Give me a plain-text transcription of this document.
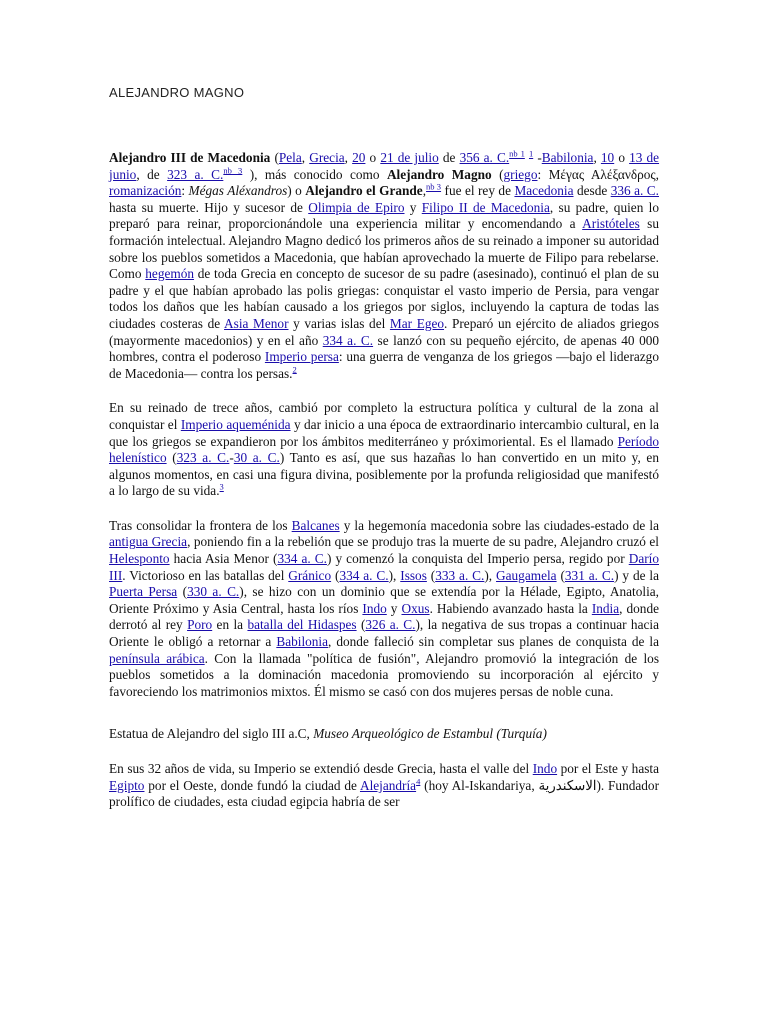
ALEJANDRO MAGNO

Alejandro III de Macedonia (Pela, Grecia, 20 o 21 de julio de 356 a. C.$^{nb 1}$ $^1$ -Babilonia, 10 o 13 de junio, de 323 a. C.$^{nb 3}$ ), más conocido como Alejandro Magno (griego: Μέγας Αλέξανδρος, romanización: Mégas Aléxandros) o Alejandro el Grande,$^{nb 3}$ fue el rey de Macedonia desde 336 a. C. hasta su muerte. Hijo y sucesor de Olimpia de Epiro y Filipo II de Macedonia, su padre, quien lo preparó para reinar, proporcionándole una experiencia militar y encomendando a Aristóteles su formación intelectual. Alejandro Magno dedicó los primeros años de su reinado a imponer su autoridad sobre los pueblos sometidos a Macedonia, que habían aprovechado la muerte de Filipo para rebelarse. Como hegemón de toda Grecia en concepto de sucesor de su padre (asesinado), continuó el plan de su padre y el que habían aprobado las polis griegas: conquistar el vasto imperio de Persia, para vengar todos los daños que les habían causado a los griegos por siglos, incluyendo la captura de todas las ciudades costeras de Asia Menor y varias islas del Mar Egeo. Preparó un ejército de aliados griegos (mayormente macedonios) y en el año 334 a. C. se lanzó con su pequeño ejército, de apenas 40 000 hombres, contra el poderoso Imperio persa: una guerra de venganza de los griegos —bajo el liderazgo de Macedonia— contra los persas.$^2$

En su reinado de trece años, cambió por completo la estructura política y cultural de la zona al conquistar el Imperio aqueménida y dar inicio a una época de extraordinario intercambio cultural, en la que los griegos se expandieron por los ámbitos mediterráneo y próximoriental. Es el llamado Período helenístico (323 a. C.-30 a. C.) Tanto es así, que sus hazañas lo han convertido en un mito y, en algunos momentos, en casi una figura divina, posiblemente por la profunda religiosidad que manifestó a lo largo de su vida.$^3$

Tras consolidar la frontera de los Balcanes y la hegemonía macedonia sobre las ciudades-estado de la antigua Grecia, poniendo fin a la rebelión que se produjo tras la muerte de su padre, Alejandro cruzó el Helesponto hacia Asia Menor (334 a. C.) y comenzó la conquista del Imperio persa, regido por Darío III. Victorioso en las batallas del Gránico (334 a. C.), Issos (333 a. C.), Gaugamela (331 a. C.) y de la Puerta Persa (330 a. C.), se hizo con un dominio que se extendía por la Hélade, Egipto, Anatolia, Oriente Próximo y Asia Central, hasta los ríos Indo y Oxus. Habiendo avanzado hasta la India, donde derrotó al rey Poro en la batalla del Hidaspes (326 a. C.), la negativa de sus tropas a continuar hacia Oriente le obligó a retornar a Babilonia, donde falleció sin completar sus planes de conquista de la península arábica. Con la llamada "política de fusión", Alejandro promovió la integración de los pueblos sometidos a la dominación macedonia promoviendo su incorporación al ejército y favoreciendo los matrimonios mixtos. Él mismo se casó con dos mujeres persas de noble cuna.

Estatua de Alejandro del siglo III a.C, Museo Arqueológico de Estambul (Turquía)

En sus 32 años de vida, su Imperio se extendió desde Grecia, hasta el valle del Indo por el Este y hasta Egipto por el Oeste, donde fundó la ciudad de Alejandría$^4$ (hoy Al-Iskandariya, الاسكندرية). Fundador prolífico de ciudades, esta ciudad egipcia habría de ser
